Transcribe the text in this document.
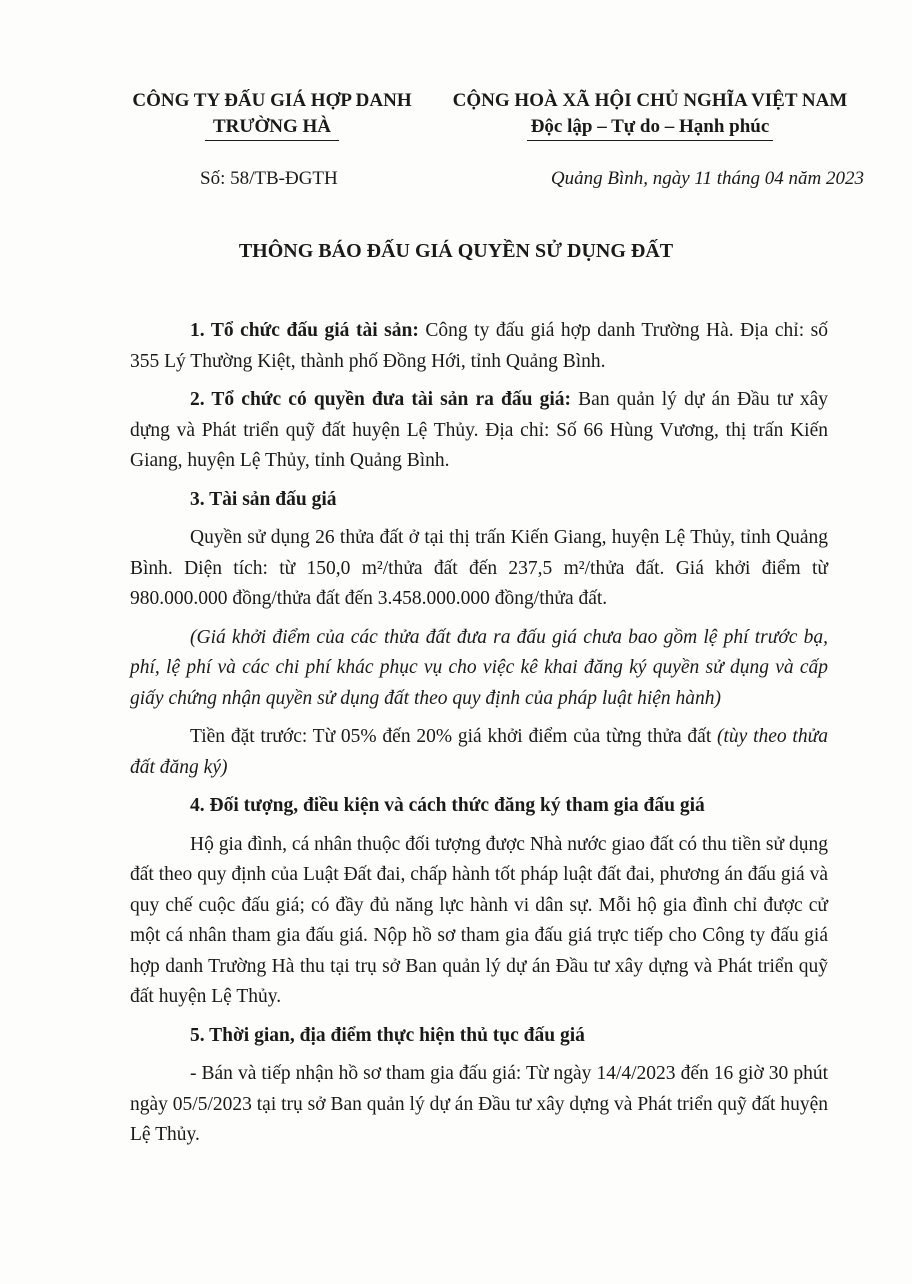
CÔNG TY ĐẤU GIÁ HỢP DANH
TRƯỜNG HÀ
CỘNG HOÀ XÃ HỘI CHỦ NGHĨA VIỆT NAM
Độc lập – Tự do – Hạnh phúc
Số: 58/TB-ĐGTH	Quảng Bình, ngày 11 tháng 04 năm 2023
THÔNG BÁO ĐẤU GIÁ QUYỀN SỬ DỤNG ĐẤT

1. Tổ chức đấu giá tài sản: Công ty đấu giá hợp danh Trường Hà. Địa chỉ: số 355 Lý Thường Kiệt, thành phố Đồng Hới, tỉnh Quảng Bình.

2. Tổ chức có quyền đưa tài sản ra đấu giá: Ban quản lý dự án Đầu tư xây dựng và Phát triển quỹ đất huyện Lệ Thủy. Địa chỉ: Số 66 Hùng Vương, thị trấn Kiến Giang, huyện Lệ Thủy, tỉnh Quảng Bình.

3. Tài sản đấu giá

Quyền sử dụng 26 thửa đất ở tại thị trấn Kiến Giang, huyện Lệ Thủy, tỉnh Quảng Bình. Diện tích: từ 150,0 m²/thửa đất đến 237,5 m²/thửa đất. Giá khởi điểm từ 980.000.000 đồng/thửa đất đến 3.458.000.000 đồng/thửa đất.

(Giá khởi điểm của các thửa đất đưa ra đấu giá chưa bao gồm lệ phí trước bạ, phí, lệ phí và các chi phí khác phục vụ cho việc kê khai đăng ký quyền sử dụng và cấp giấy chứng nhận quyền sử dụng đất theo quy định của pháp luật hiện hành)

Tiền đặt trước: Từ 05% đến 20% giá khởi điểm của từng thửa đất (tùy theo thửa đất đăng ký)

4. Đối tượng, điều kiện và cách thức đăng ký tham gia đấu giá

Hộ gia đình, cá nhân thuộc đối tượng được Nhà nước giao đất có thu tiền sử dụng đất theo quy định của Luật Đất đai, chấp hành tốt pháp luật đất đai, phương án đấu giá và quy chế cuộc đấu giá; có đầy đủ năng lực hành vi dân sự. Mỗi hộ gia đình chỉ được cử một cá nhân tham gia đấu giá. Nộp hồ sơ tham gia đấu giá trực tiếp cho Công ty đấu giá hợp danh Trường Hà thu tại trụ sở Ban quản lý dự án Đầu tư xây dựng và Phát triển quỹ đất huyện Lệ Thủy.

5. Thời gian, địa điểm thực hiện thủ tục đấu giá

- Bán và tiếp nhận hồ sơ tham gia đấu giá: Từ ngày 14/4/2023 đến 16 giờ 30 phút ngày 05/5/2023 tại trụ sở Ban quản lý dự án Đầu tư xây dựng và Phát triển quỹ đất huyện Lệ Thủy.
